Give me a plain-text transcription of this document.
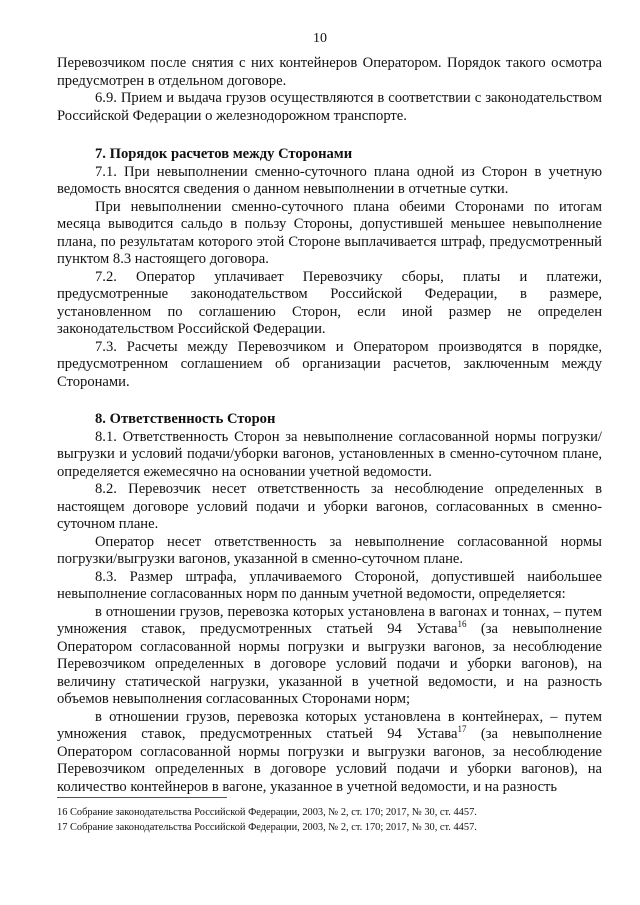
10

Перевозчиком после снятия с них контейнеров Оператором. Порядок такого осмотра предусмотрен в отдельном договоре.

6.9. Прием и выдача грузов осуществляются в соответствии с законодательством Российской Федерации о железнодорожном транспорте.

7. Порядок расчетов между Сторонами

7.1. При невыполнении сменно-суточного плана одной из Сторон в учетную ведомость вносятся сведения о данном невыполнении в отчетные сутки.

При невыполнении сменно-суточного плана обеими Сторонами по итогам месяца выводится сальдо в пользу Стороны, допустившей меньшее невыполнение плана, по результатам которого этой Стороне выплачивается штраф, предусмотренный пунктом 8.3 настоящего договора.

7.2. Оператор уплачивает Перевозчику сборы, платы и платежи, предусмотренные законодательством Российской Федерации, в размере, установленном по соглашению Сторон, если иной размер не определен законодательством Российской Федерации.

7.3. Расчеты между Перевозчиком и Оператором производятся в порядке, предусмотренном соглашением об организации расчетов, заключенным между Сторонами.

8. Ответственность Сторон

8.1. Ответственность Сторон за невыполнение согласованной нормы погрузки/выгрузки и условий подачи/уборки вагонов, установленных в сменно-суточном плане, определяется ежемесячно на основании учетной ведомости.

8.2. Перевозчик несет ответственность за несоблюдение определенных в настоящем договоре условий подачи и уборки вагонов, согласованных в сменно-суточном плане.

Оператор несет ответственность за невыполнение согласованной нормы погрузки/выгрузки вагонов, указанной в сменно-суточном плане.

8.3. Размер штрафа, уплачиваемого Стороной, допустившей наибольшее невыполнение согласованных норм по данным учетной ведомости, определяется:

в отношении грузов, перевозка которых установлена в вагонах и тоннах, – путем умножения ставок, предусмотренных статьей 94 Устава$^{16}$ (за невыполнение Оператором согласованной нормы погрузки и выгрузки вагонов, за несоблюдение Перевозчиком определенных в договоре условий подачи и уборки вагонов), на величину статической нагрузки, указанной в учетной ведомости, и на разность объемов невыполнения согласованных Сторонами норм;

в отношении грузов, перевозка которых установлена в контейнерах, – путем умножения ставок, предусмотренных статьей 94 Устава$^{17}$ (за невыполнение Оператором согласованной нормы погрузки и выгрузки вагонов, за несоблюдение Перевозчиком определенных в договоре условий подачи и уборки вагонов), на количество контейнеров в вагоне, указанное в учетной ведомости, и на разность

16 Собрание законодательства Российской Федерации, 2003, № 2, ст. 170; 2017, № 30, ст. 4457.
17 Собрание законодательства Российской Федерации, 2003, № 2, ст. 170; 2017, № 30, ст. 4457.
